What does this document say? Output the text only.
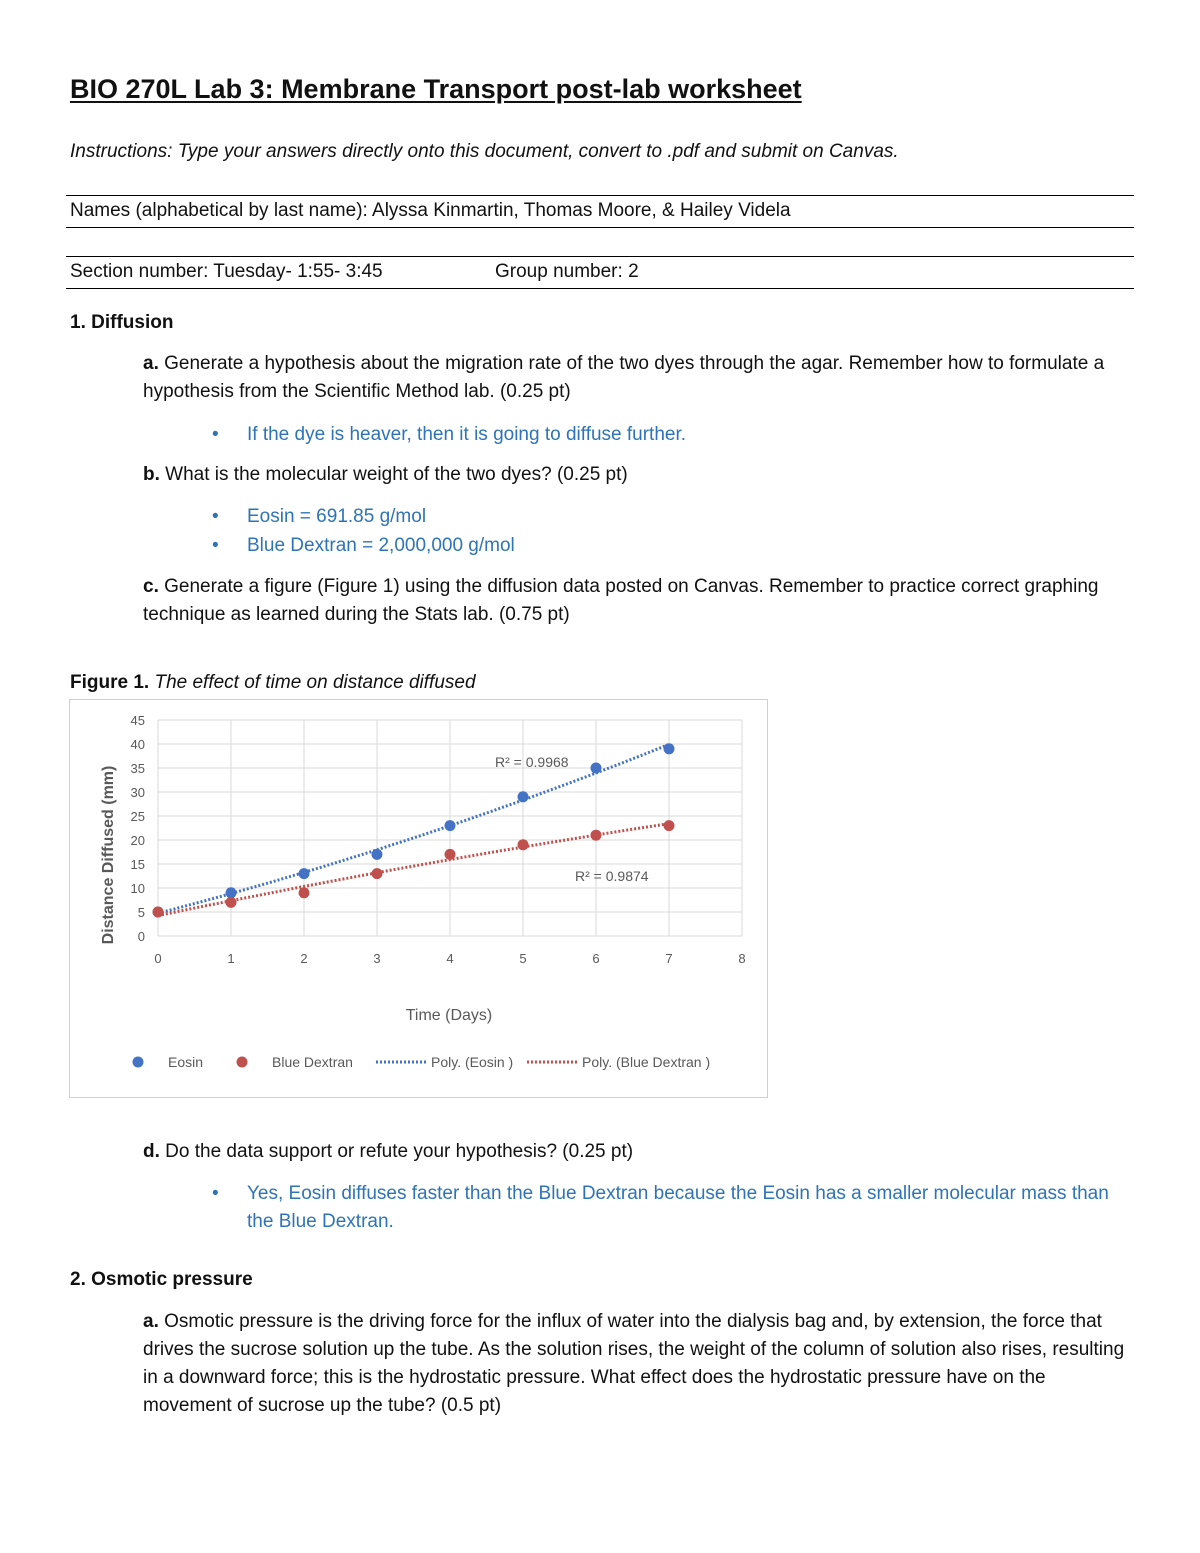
BIO 270L Lab 3: Membrane Transport post-lab worksheet
Instructions: Type your answers directly onto this document, convert to .pdf and submit on Canvas.
Names (alphabetical by last name): Alyssa Kinmartin, Thomas Moore, & Hailey Videla
Section number: Tuesday- 1:55- 3:45	Group number: 2
1. Diffusion
a. Generate a hypothesis about the migration rate of the two dyes through the agar. Remember how to formulate a hypothesis from the Scientific Method lab. (0.25 pt)
• If the dye is heaver, then it is going to diffuse further.
b. What is the molecular weight of the two dyes? (0.25 pt)
• Eosin = 691.85 g/mol
• Blue Dextran = 2,000,000 g/mol
c. Generate a figure (Figure 1) using the diffusion data posted on Canvas. Remember to practice correct graphing technique as learned during the Stats lab. (0.75 pt)
Figure 1. The effect of time on distance diffused
0	1	2	3	4	5	6	7	8
0
5
10
15
20
25
30
35
40
45
R² = 0.9968
R² = 0.9874
Time (Days)
Distance Diffused (mm)
Eosin	Blue Dextran	Poly. (Eosin )	Poly. (Blue Dextran )
d. Do the data support or refute your hypothesis? (0.25 pt)
• Yes, Eosin diffuses faster than the Blue Dextran because the Eosin has a smaller molecular mass than the Blue Dextran.
2. Osmotic pressure
a. Osmotic pressure is the driving force for the influx of water into the dialysis bag and, by extension, the force that drives the sucrose solution up the tube. As the solution rises, the weight of the column of solution also rises, resulting in a downward force; this is the hydrostatic pressure. What effect does the hydrostatic pressure have on the movement of sucrose up the tube? (0.5 pt)
